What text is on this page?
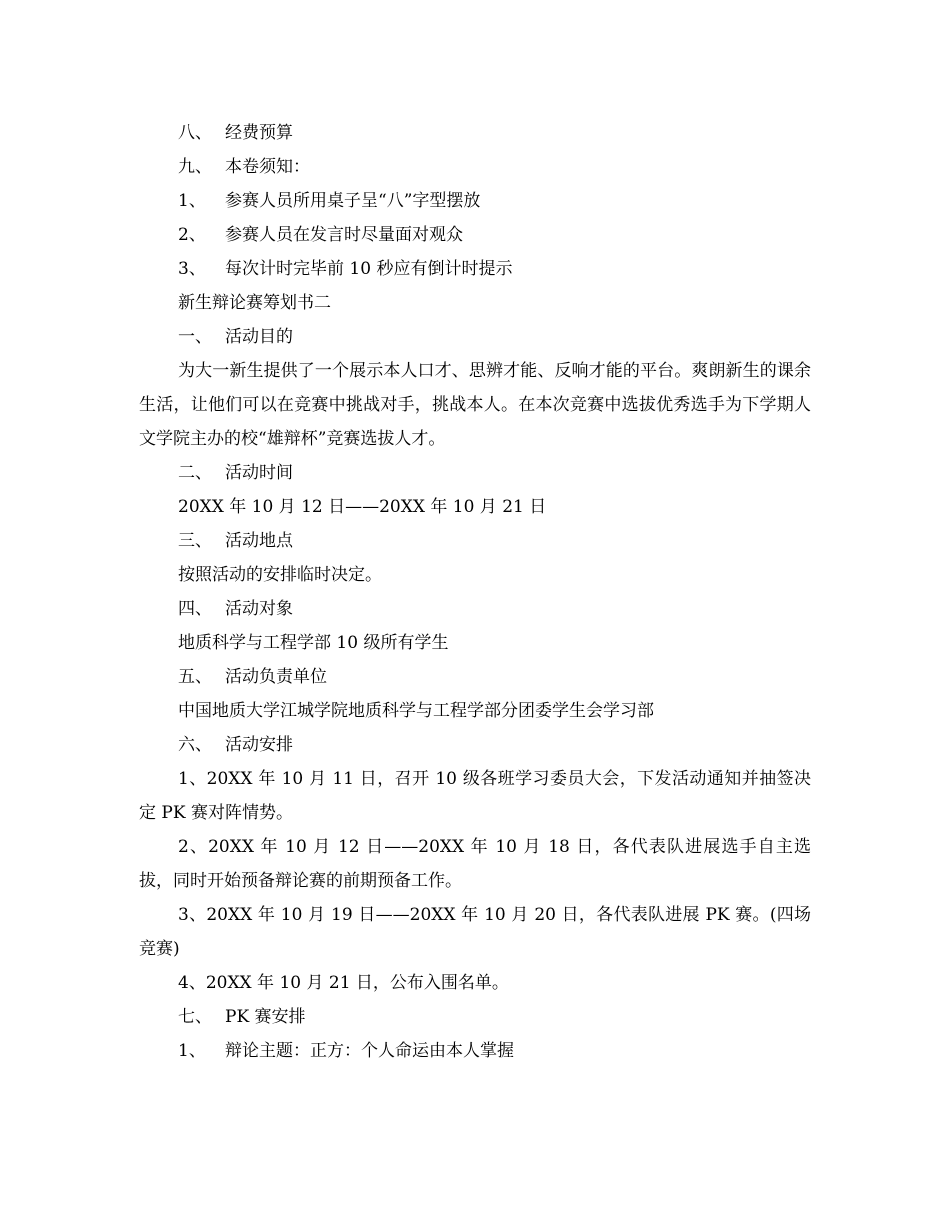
八、 经费预算

九、 本卷须知：

1、 参赛人员所用桌子呈“八”字型摆放

2、 参赛人员在发言时尽量面对观众

3、 每次计时完毕前 10 秒应有倒计时提示

新生辩论赛筹划书二

一、 活动目的

为大一新生提供了一个展示本人口才、思辨才能、反响才能的平台。爽朗新生的课余生活，让他们可以在竞赛中挑战对手，挑战本人。在本次竞赛中选拔优秀选手为下学期人文学院主办的校“雄辩杯”竞赛选拔人才。

二、 活动时间

20XX 年 10 月 12 日——20XX 年 10 月 21 日

三、 活动地点

按照活动的安排临时决定。

四、 活动对象

地质科学与工程学部 10 级所有学生

五、 活动负责单位

中国地质大学江城学院地质科学与工程学部分团委学生会学习部

六、 活动安排

1、20XX 年 10 月 11 日，召开 10 级各班学习委员大会，下发活动通知并抽签决定 PK 赛对阵情势。

2、20XX 年 10 月 12 日——20XX 年 10 月 18 日，各代表队进展选手自主选拔，同时开始预备辩论赛的前期预备工作。

3、20XX 年 10 月 19 日——20XX 年 10 月 20 日，各代表队进展 PK 赛。(四场竞赛)

4、20XX 年 10 月 21 日，公布入围名单。

七、 PK 赛安排

1、 辩论主题：正方：个人命运由本人掌握
